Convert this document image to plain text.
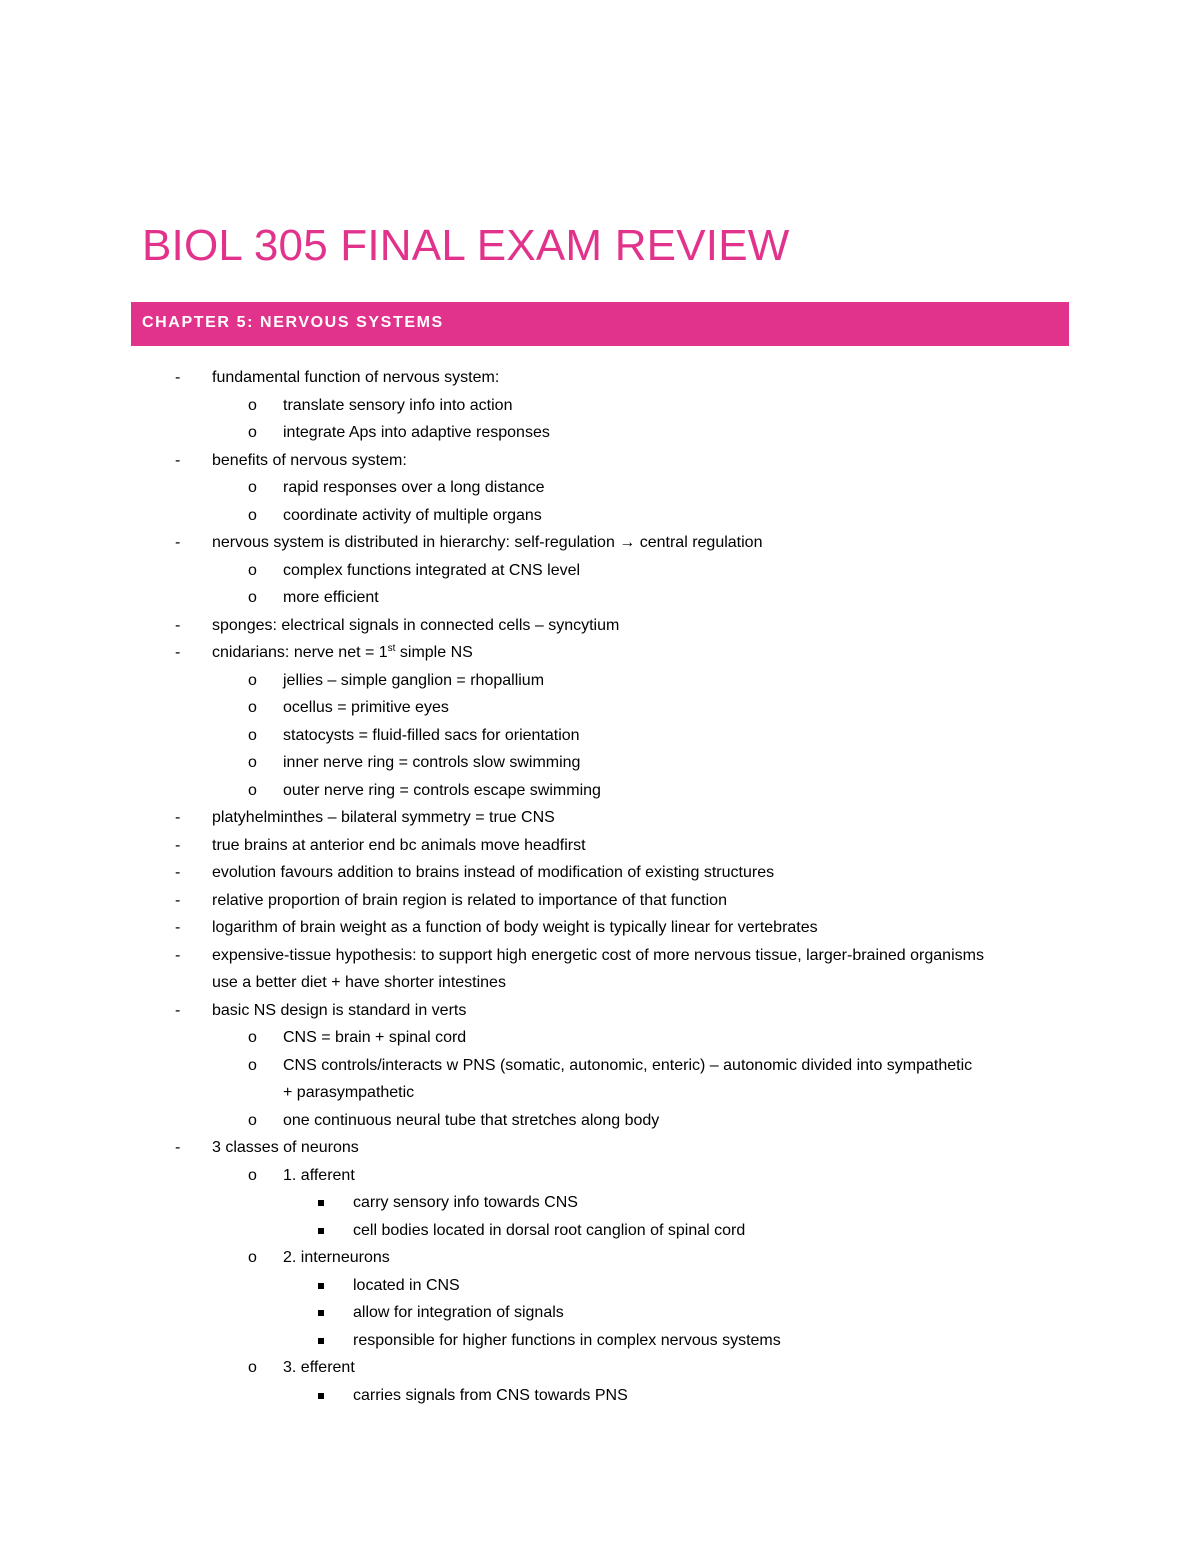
BIOL 305 FINAL EXAM REVIEW
CHAPTER 5: NERVOUS SYSTEMS
- fundamental function of nervous system:
o translate sensory info into action
o integrate Aps into adaptive responses
- benefits of nervous system:
o rapid responses over a long distance
o coordinate activity of multiple organs
- nervous system is distributed in hierarchy: self-regulation → central regulation
o complex functions integrated at CNS level
o more efficient
- sponges: electrical signals in connected cells – syncytium
- cnidarians: nerve net = 1st simple NS
o jellies – simple ganglion = rhopallium
o ocellus = primitive eyes
o statocysts = fluid-filled sacs for orientation
o inner nerve ring = controls slow swimming
o outer nerve ring = controls escape swimming
- platyhelminthes – bilateral symmetry = true CNS
- true brains at anterior end bc animals move headfirst
- evolution favours addition to brains instead of modification of existing structures
- relative proportion of brain region is related to importance of that function
- logarithm of brain weight as a function of body weight is typically linear for vertebrates
- expensive-tissue hypothesis: to support high energetic cost of more nervous tissue, larger-brained organisms use a better diet + have shorter intestines
- basic NS design is standard in verts
o CNS = brain + spinal cord
o CNS controls/interacts w PNS (somatic, autonomic, enteric) – autonomic divided into sympathetic + parasympathetic
o one continuous neural tube that stretches along body
- 3 classes of neurons
o 1. afferent
carry sensory info towards CNS
cell bodies located in dorsal root canglion of spinal cord
o 2. interneurons
located in CNS
allow for integration of signals
responsible for higher functions in complex nervous systems
o 3. efferent
carries signals from CNS towards PNS
